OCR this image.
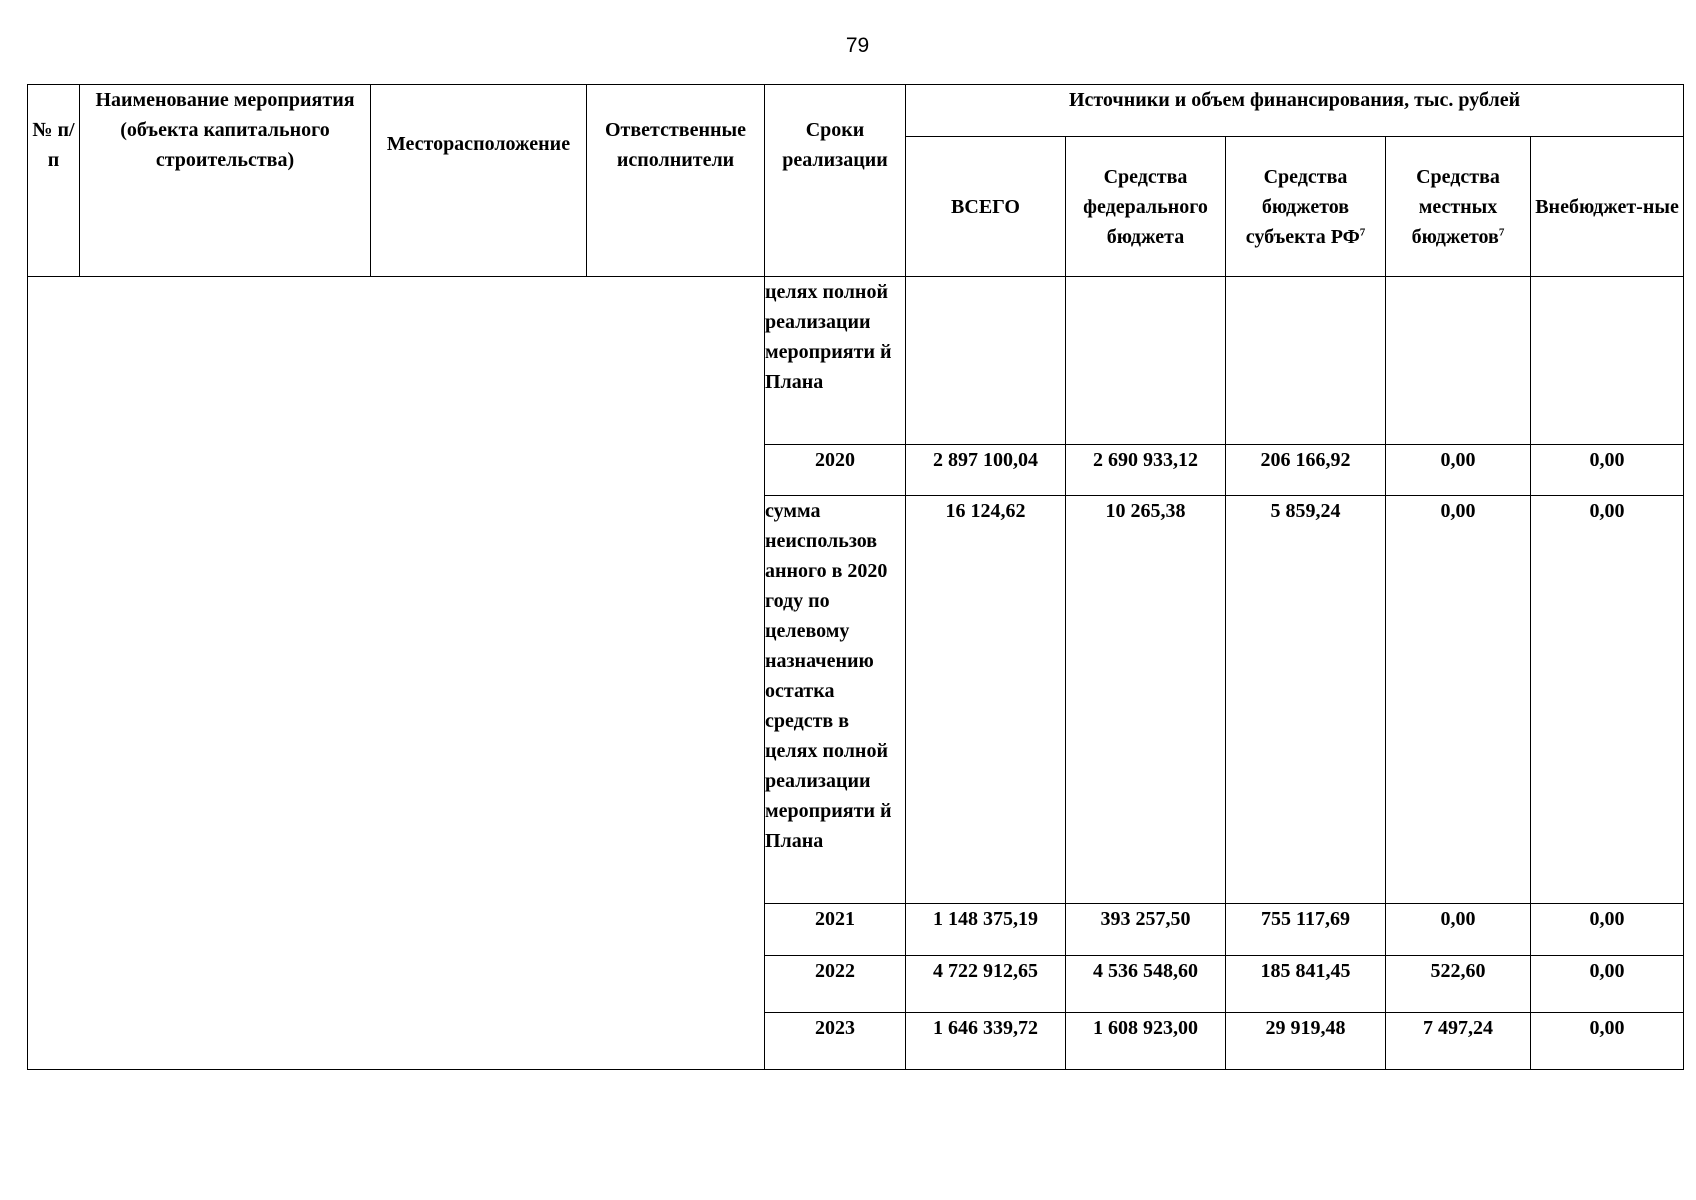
79
№ п/п	Наименование мероприятия (объекта капитального строительства)	Месторасположение	Ответственные исполнители	Сроки реализации	Источники и объем финансирования, тыс. рублей				
					ВСЕГО	Средства федерального бюджета	Средства бюджетов субъекта $РФ^7$	Средства местных бюджетов$^7$	Внебюджет-ные
				целях полной реализации мероприяти й Плана					
				2020	2 897 100,04	2 690 933,12	206 166,92	0,00	0,00
				сумма неиспользов анного в 2020 году по целевому назначению остатка средств в целях полной реализации мероприяти й Плана	16 124,62	10 265,38	5 859,24	0,00	0,00
				2021	1 148 375,19	393 257,50	755 117,69	0,00	0,00
				2022	4 722 912,65	4 536 548,60	185 841,45	522,60	0,00
				2023	1 646 339,72	1 608 923,00	29 919,48	7 497,24	0,00
